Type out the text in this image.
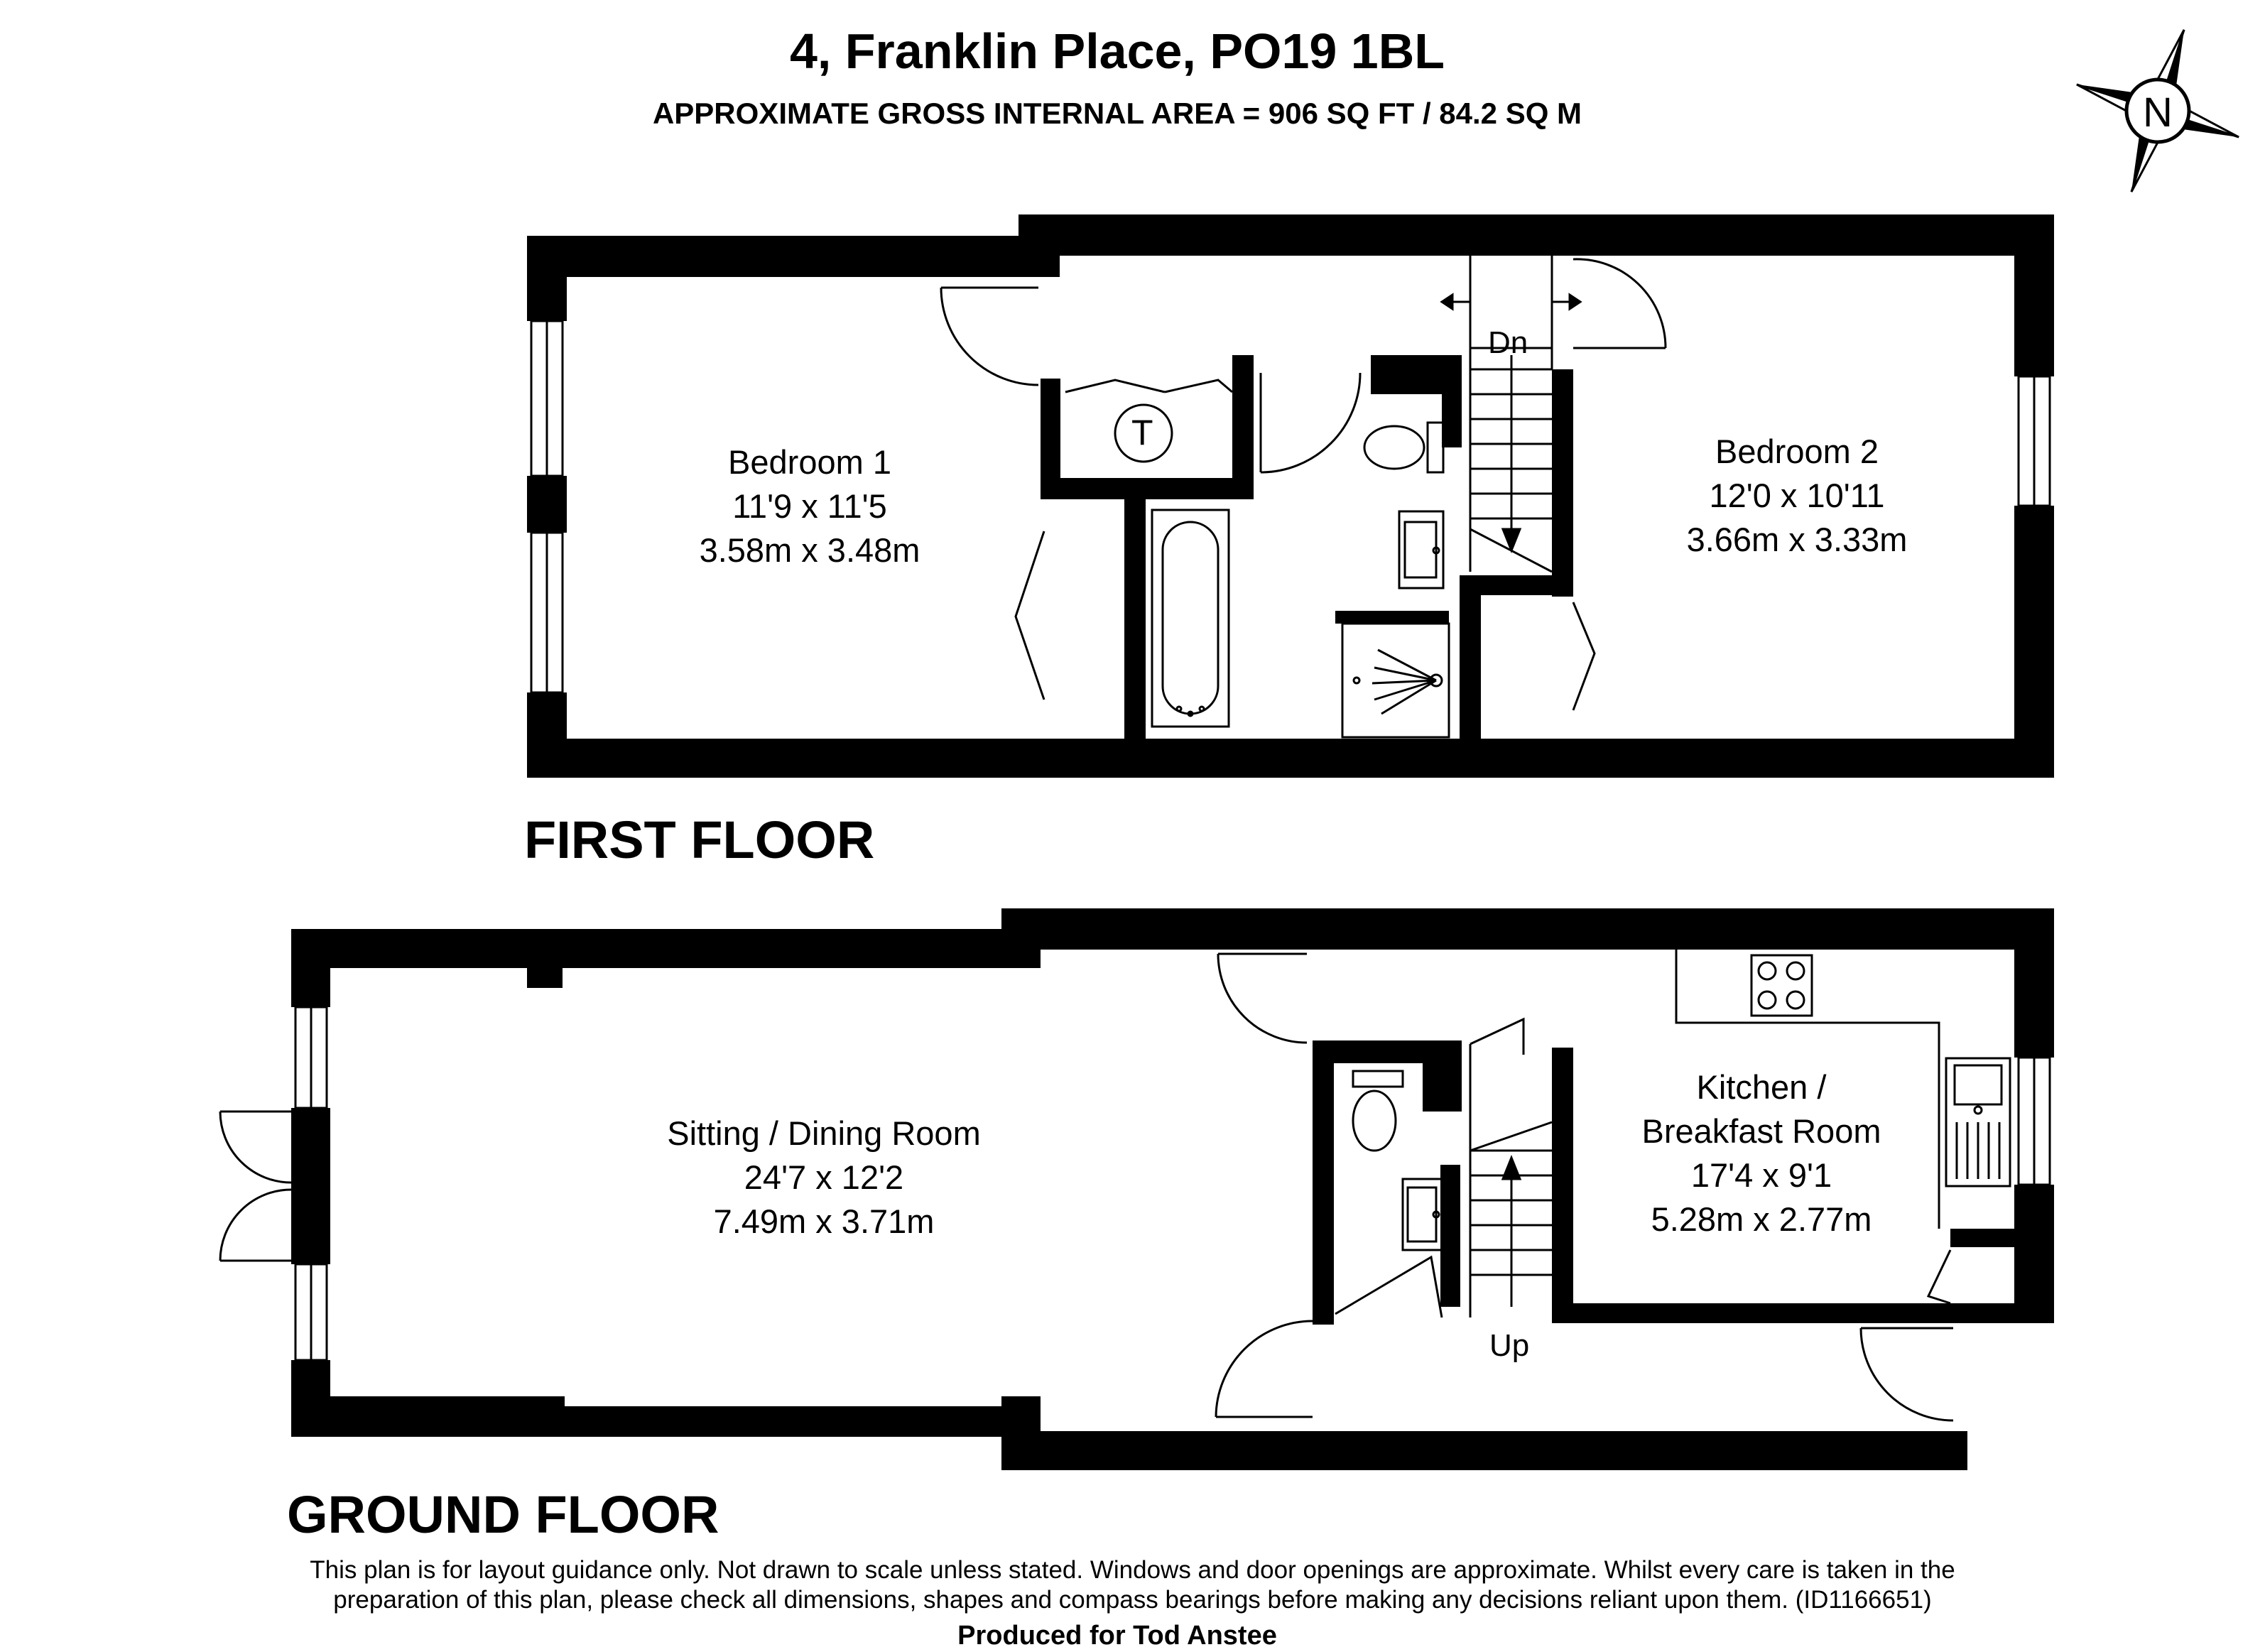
4, Franklin Place, PO19 1BL
APPROXIMATE GROSS INTERNAL AREA = 906 SQ FT / 84.2 SQ M	N
T
Bedroom 1
11'9 x 11'5
3.58m x 3.48m
Bedroom 2
12'0 x 10'11
3.66m x 3.33m
Dn
FIRST FLOOR
Sitting / Dining Room
24'7 x 12'2
7.49m x 3.71m
Kitchen /
Breakfast Room
17'4 x 9'1
5.28m x 2.77m
Up
GROUND FLOOR
This plan is for layout guidance only. Not drawn to scale unless stated. Windows and door openings are approximate. Whilst every care is taken in the
preparation of this plan, please check all dimensions, shapes and compass bearings before making any decisions reliant upon them. (ID1166651)
Produced for Tod Anstee
